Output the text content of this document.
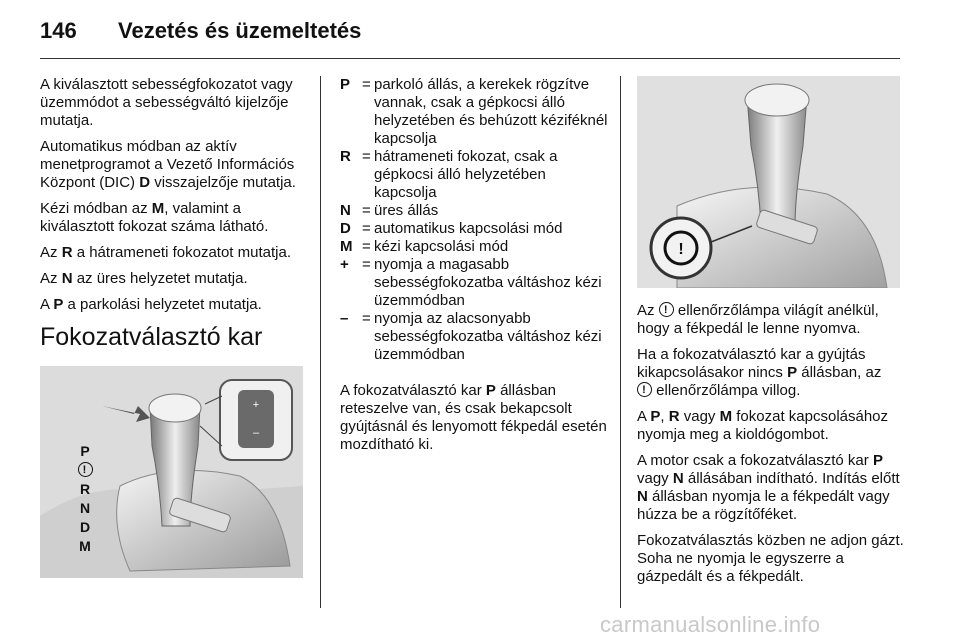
146 Vezetés és üzemeltetés

A kiválasztott sebességfokozatot vagy üzemmódot a sebességváltó kijelzője mutatja.

Automatikus módban az aktív menetprogramot a Vezető Információs Központ (DIC) D visszajelzője mutatja.

Kézi módban az M, valamint a kiválasztott fokozat száma látható.

Az R a hátrameneti fokozatot mutatja.

Az N az üres helyzetet mutatja.

A P a parkolási helyzetet mutatja.

Fokozatválasztó kar
+
–
P
!
R
N
D
M
P = parkoló állás, a kerekek rögzítve vannak, csak a gépkocsi álló helyzetében és behúzott kéziféknél kapcsolja
R = hátrameneti fokozat, csak a gépkocsi álló helyzetében kapcsolja
N = üres állás
D = automatikus kapcsolási mód
M = kézi kapcsolási mód
+ = nyomja a magasabb sebességfokozatba váltáshoz kézi üzemmódban
– = nyomja az alacsonyabb sebességfokozatba váltáshoz kézi üzemmódban

A fokozatválasztó kar P állásban reteszelve van, és csak bekapcsolt gyújtásnál és lenyomott fékpedál esetén mozdítható ki.

!

Az ! ellenőrzőlámpa világít anélkül, hogy a fékpedál le lenne nyomva.

Ha a fokozatválasztó kar a gyújtás kikapcsolásakor nincs P állásban, az
! ellenőrzőlámpa villog.

A P, R vagy M fokozat kapcsolásához nyomja meg a kioldógombot.

A motor csak a fokozatválasztó kar P vagy N állásában indítható. Indítás előtt N állásban nyomja le a fékpedált vagy húzza be a rögzítőféket.

Fokozatválasztás közben ne adjon gázt. Soha ne nyomja le egyszerre a gázpedált és a fékpedált.

carmanualsonline.info
